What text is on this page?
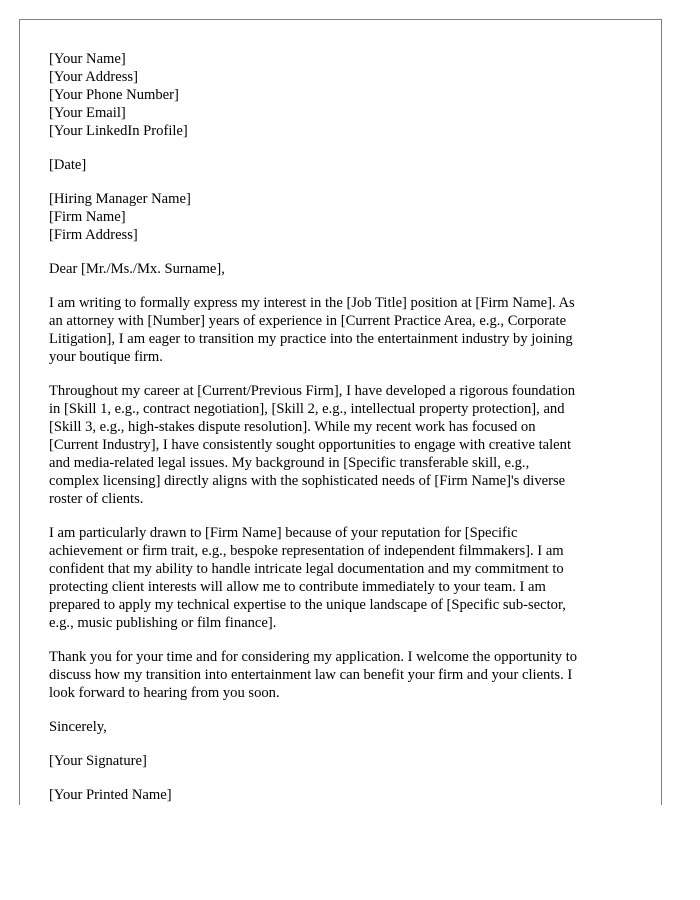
[Your Name]
[Your Address]
[Your Phone Number]
[Your Email]
[Your LinkedIn Profile]
[Date]
[Hiring Manager Name]
[Firm Name]
[Firm Address]
Dear [Mr./Ms./Mx. Surname],
I am writing to formally express my interest in the [Job Title] position at [Firm Name]. As
an attorney with [Number] years of experience in [Current Practice Area, e.g., Corporate
Litigation], I am eager to transition my practice into the entertainment industry by joining
your boutique firm.
Throughout my career at [Current/Previous Firm], I have developed a rigorous foundation
in [Skill 1, e.g., contract negotiation], [Skill 2, e.g., intellectual property protection], and
[Skill 3, e.g., high-stakes dispute resolution]. While my recent work has focused on
[Current Industry], I have consistently sought opportunities to engage with creative talent
and media-related legal issues. My background in [Specific transferable skill, e.g.,
complex licensing] directly aligns with the sophisticated needs of [Firm Name]'s diverse
roster of clients.
I am particularly drawn to [Firm Name] because of your reputation for [Specific
achievement or firm trait, e.g., bespoke representation of independent filmmakers]. I am
confident that my ability to handle intricate legal documentation and my commitment to
protecting client interests will allow me to contribute immediately to your team. I am
prepared to apply my technical expertise to the unique landscape of [Specific sub-sector,
e.g., music publishing or film finance].
Thank you for your time and for considering my application. I welcome the opportunity to
discuss how my transition into entertainment law can benefit your firm and your clients. I
look forward to hearing from you soon.
Sincerely,
[Your Signature]
[Your Printed Name]
